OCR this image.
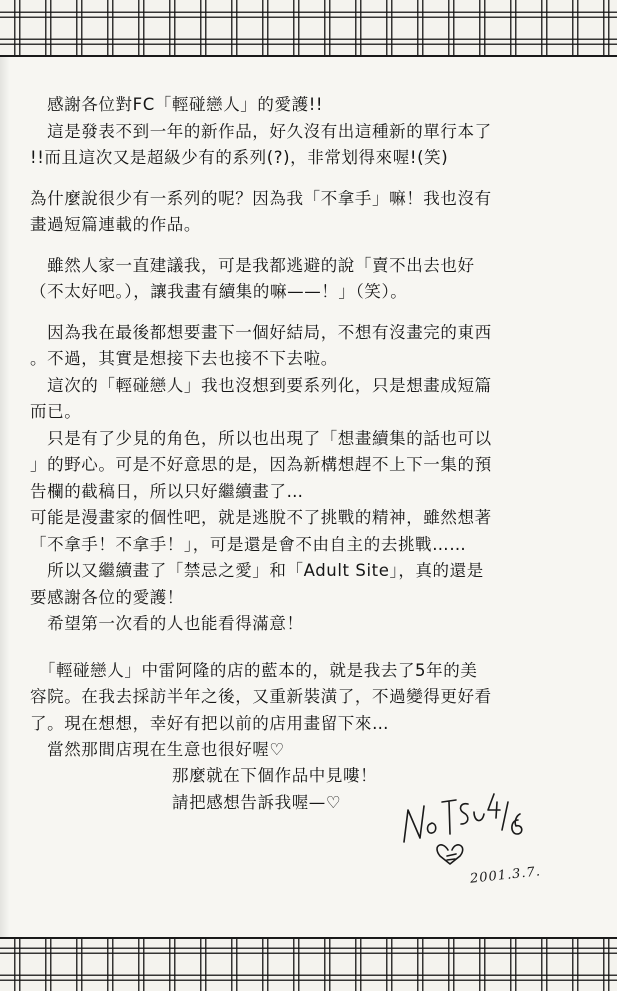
　感謝各位對FC「輕碰戀人」的愛護!!
　這是發表不到一年的新作品，好久沒有出這種新的單行本了
!!而且這次又是超級少有的系列(?)，非常划得來喔!(笑)
為什麼說很少有一系列的呢？因為我「不拿手」嘛！我也沒有
畫過短篇連載的作品。
　雖然人家一直建議我，可是我都逃避的說「賣不出去也好
（不太好吧。），讓我畫有續集的嘛——！」（笑）。
　因為我在最後都想要畫下一個好結局，不想有沒畫完的東西
。不過，其實是想接下去也接不下去啦。
　這次的「輕碰戀人」我也沒想到要系列化，只是想畫成短篇
而已。
　只是有了少見的角色，所以也出現了「想畫續集的話也可以
」的野心。可是不好意思的是，因為新構想趕不上下一集的預
告欄的截稿日，所以只好繼續畫了…
可能是漫畫家的個性吧，就是逃脫不了挑戰的精神，雖然想著
「不拿手！不拿手！」，可是還是會不由自主的去挑戰……
　所以又繼續畫了「禁忌之愛」和「Adult Site」，真的還是
要感謝各位的愛護！
　希望第一次看的人也能看得滿意！
　「輕碰戀人」中雷阿隆的店的藍本的，就是我去了5年的美
容院。在我去採訪半年之後，又重新裝潢了，不過變得更好看
了。現在想想，幸好有把以前的店用畫留下來…
　當然那間店現在生意也很好喔♡
那麼就在下個作品中見嘍！
請把感想告訴我喔—♡
2001.3.7.
